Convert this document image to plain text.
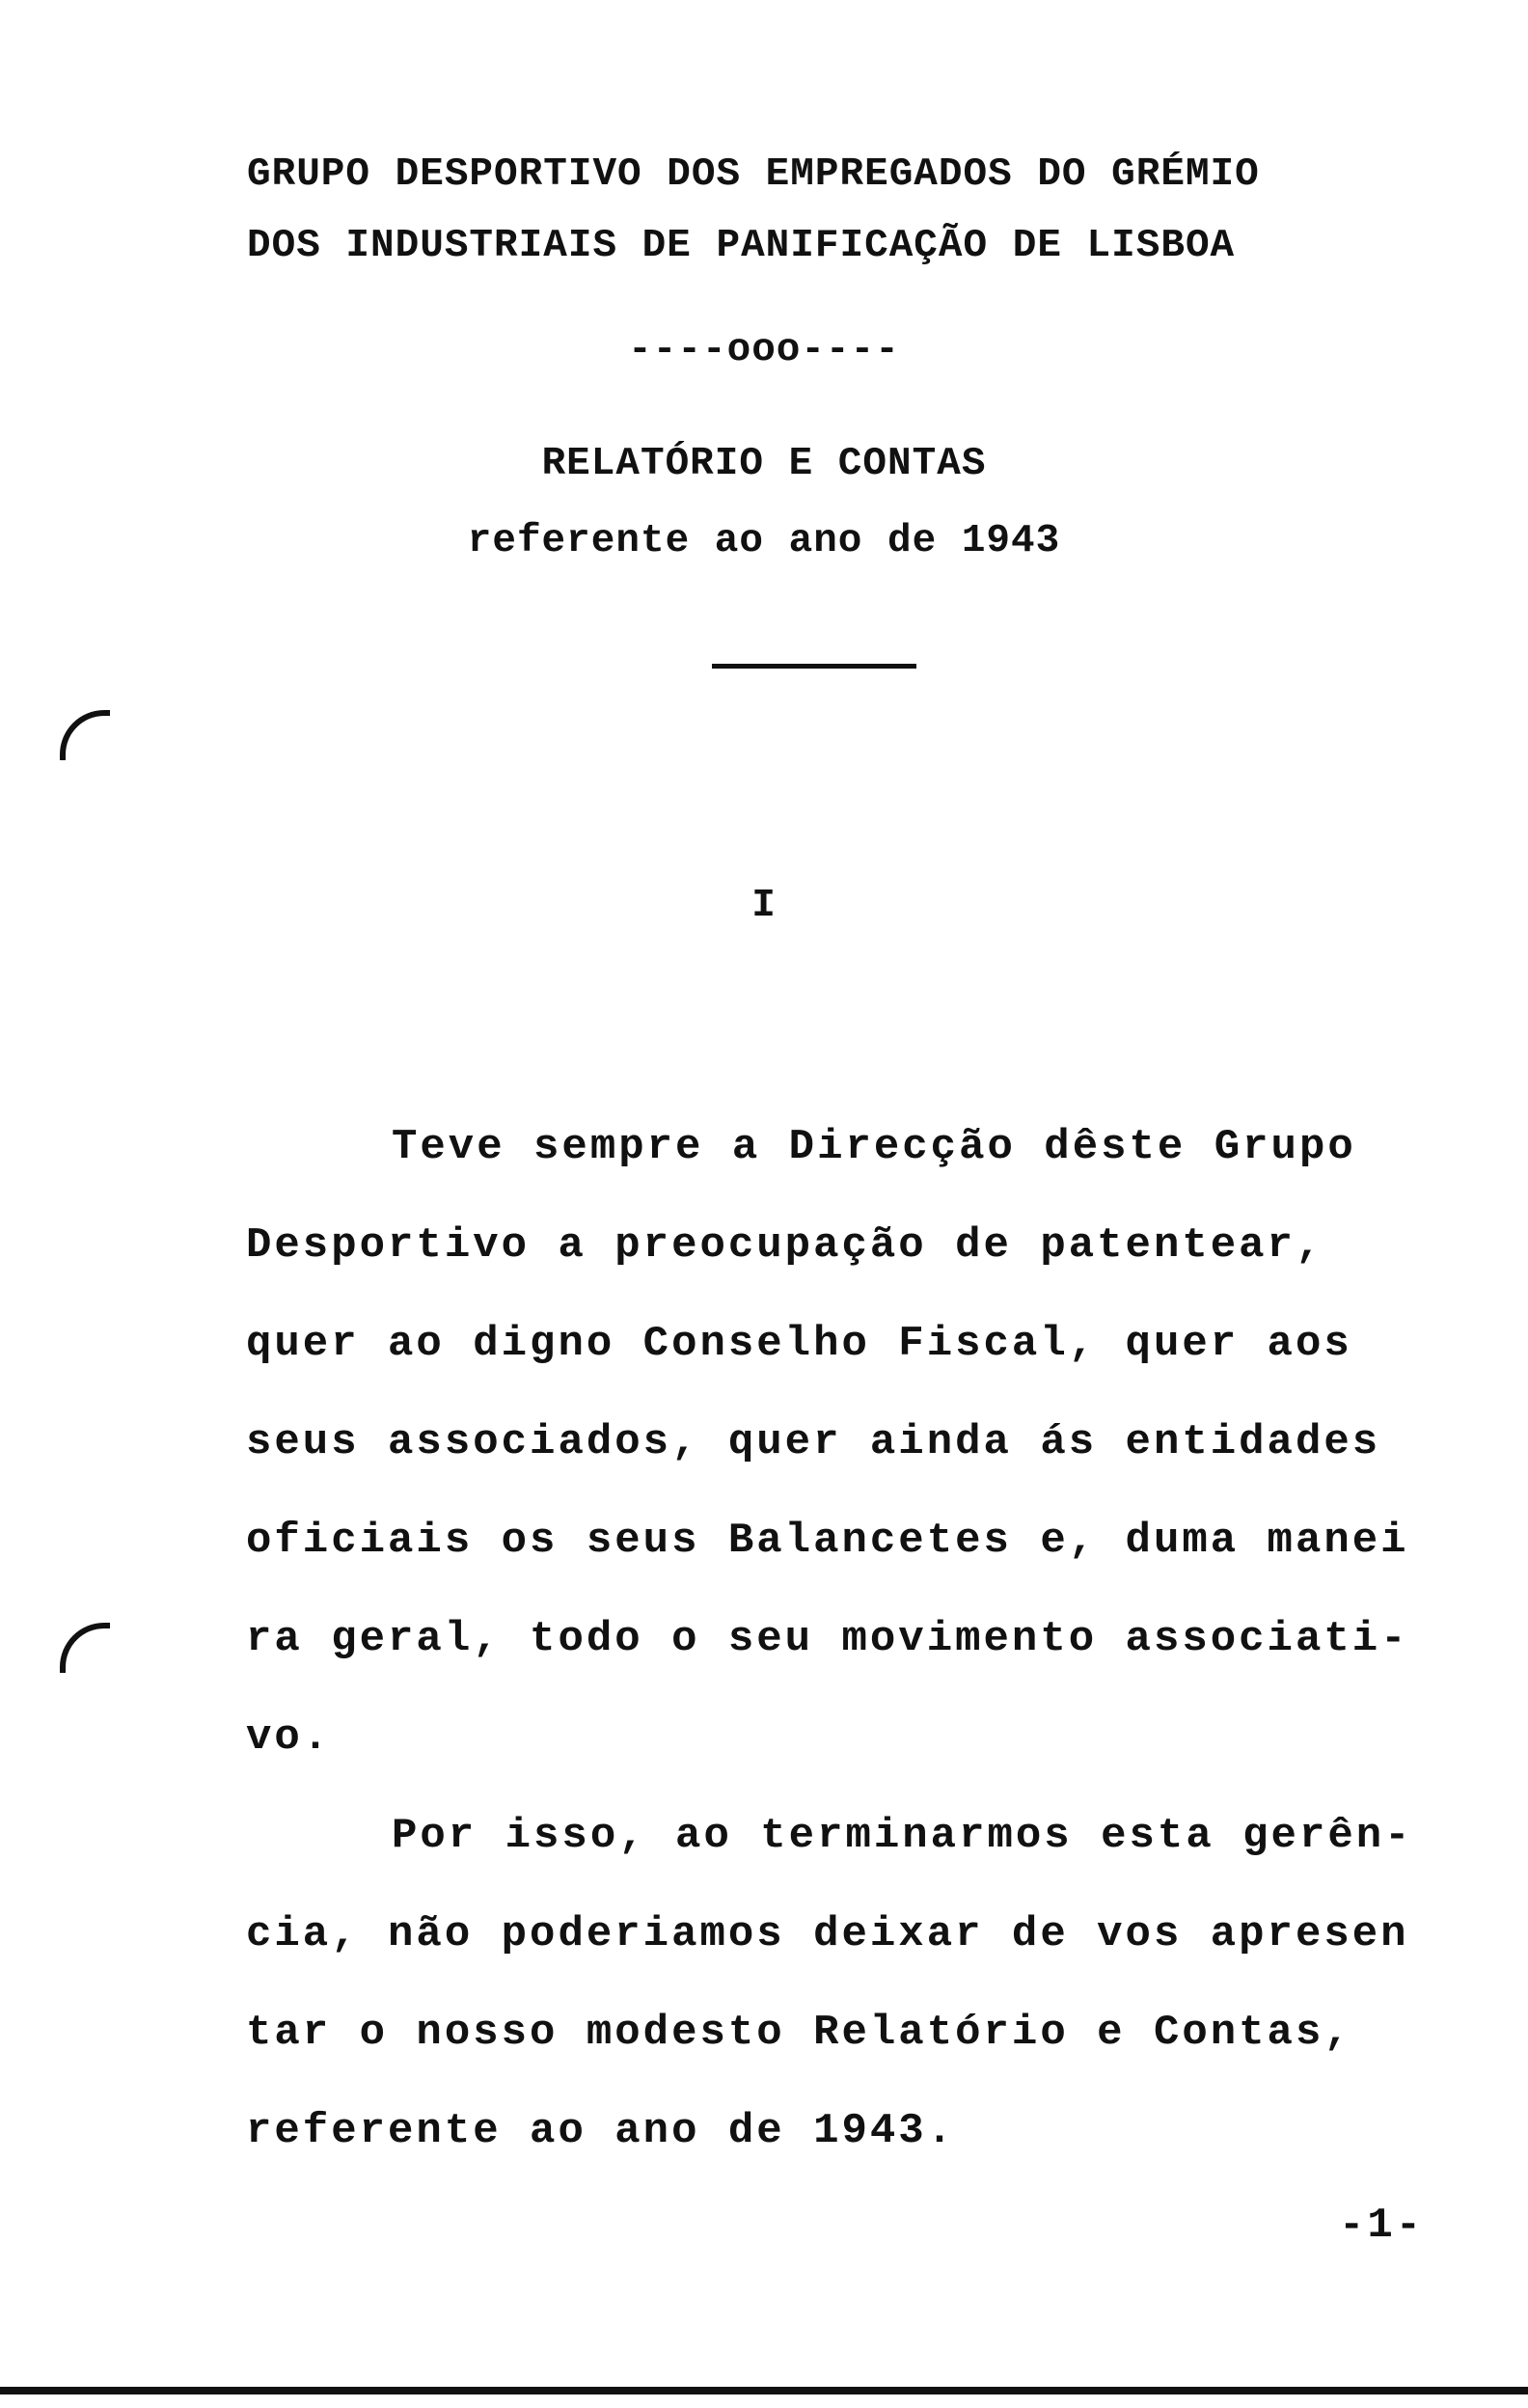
GRUPO DESPORTIVO DOS EMPREGADOS DO GRÉMIO
DOS INDUSTRIAIS DE PANIFICAÇÃO DE LISBOA
----ooo----
RELATÓRIO E CONTAS
referente ao ano de 1943
I
Teve sempre a Direcção dêste Grupo
Desportivo a preocupação de patentear,
quer ao digno Conselho Fiscal, quer aos
seus associados, quer ainda ás entidades
oficiais os seus Balancetes e, duma manei
ra geral, todo o seu movimento associati-
vo.
Por isso, ao terminarmos esta gerên-
cia, não poderiamos deixar de vos apresen
tar o nosso modesto Relatório e Contas,
referente ao ano de 1943.
-1-
